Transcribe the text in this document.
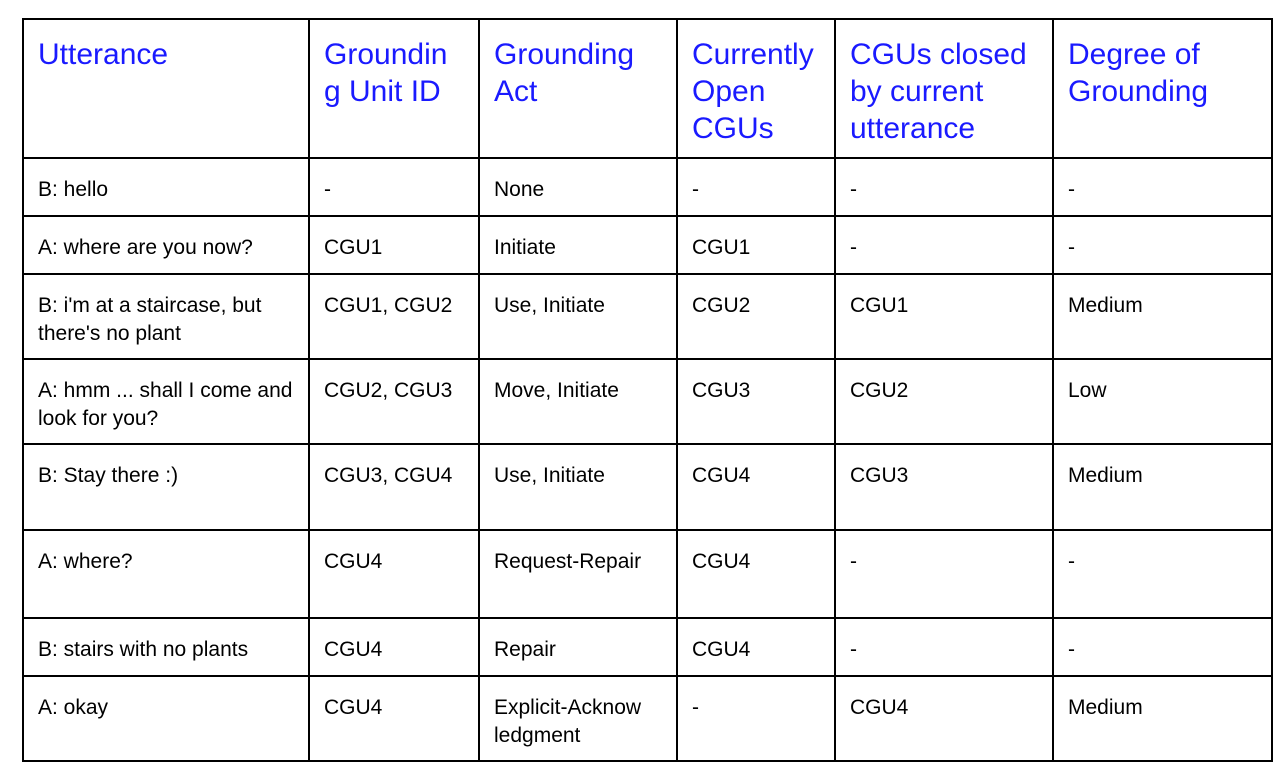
Utterance	Groundin g Unit ID	Grounding Act	Currently Open CGUs	CGUs closed by current utterance	Degree of Grounding
B: hello	-	None	-	-	-
A: where are you now?	CGU1	Initiate	CGU1	-	-
B: i'm at a staircase, but there's no plant	CGU1, CGU2	Use, Initiate	CGU2	CGU1	Medium
A: hmm ... shall I come and look for you?	CGU2, CGU3	Move, Initiate	CGU3	CGU2	Low
B: Stay there :)	CGU3, CGU4	Use, Initiate	CGU4	CGU3	Medium
A: where?	CGU4	Request-Repair	CGU4	-	-
B: stairs with no plants	CGU4	Repair	CGU4	-	-
A: okay	CGU4	Explicit-Acknow ledgment	-	CGU4	Medium
